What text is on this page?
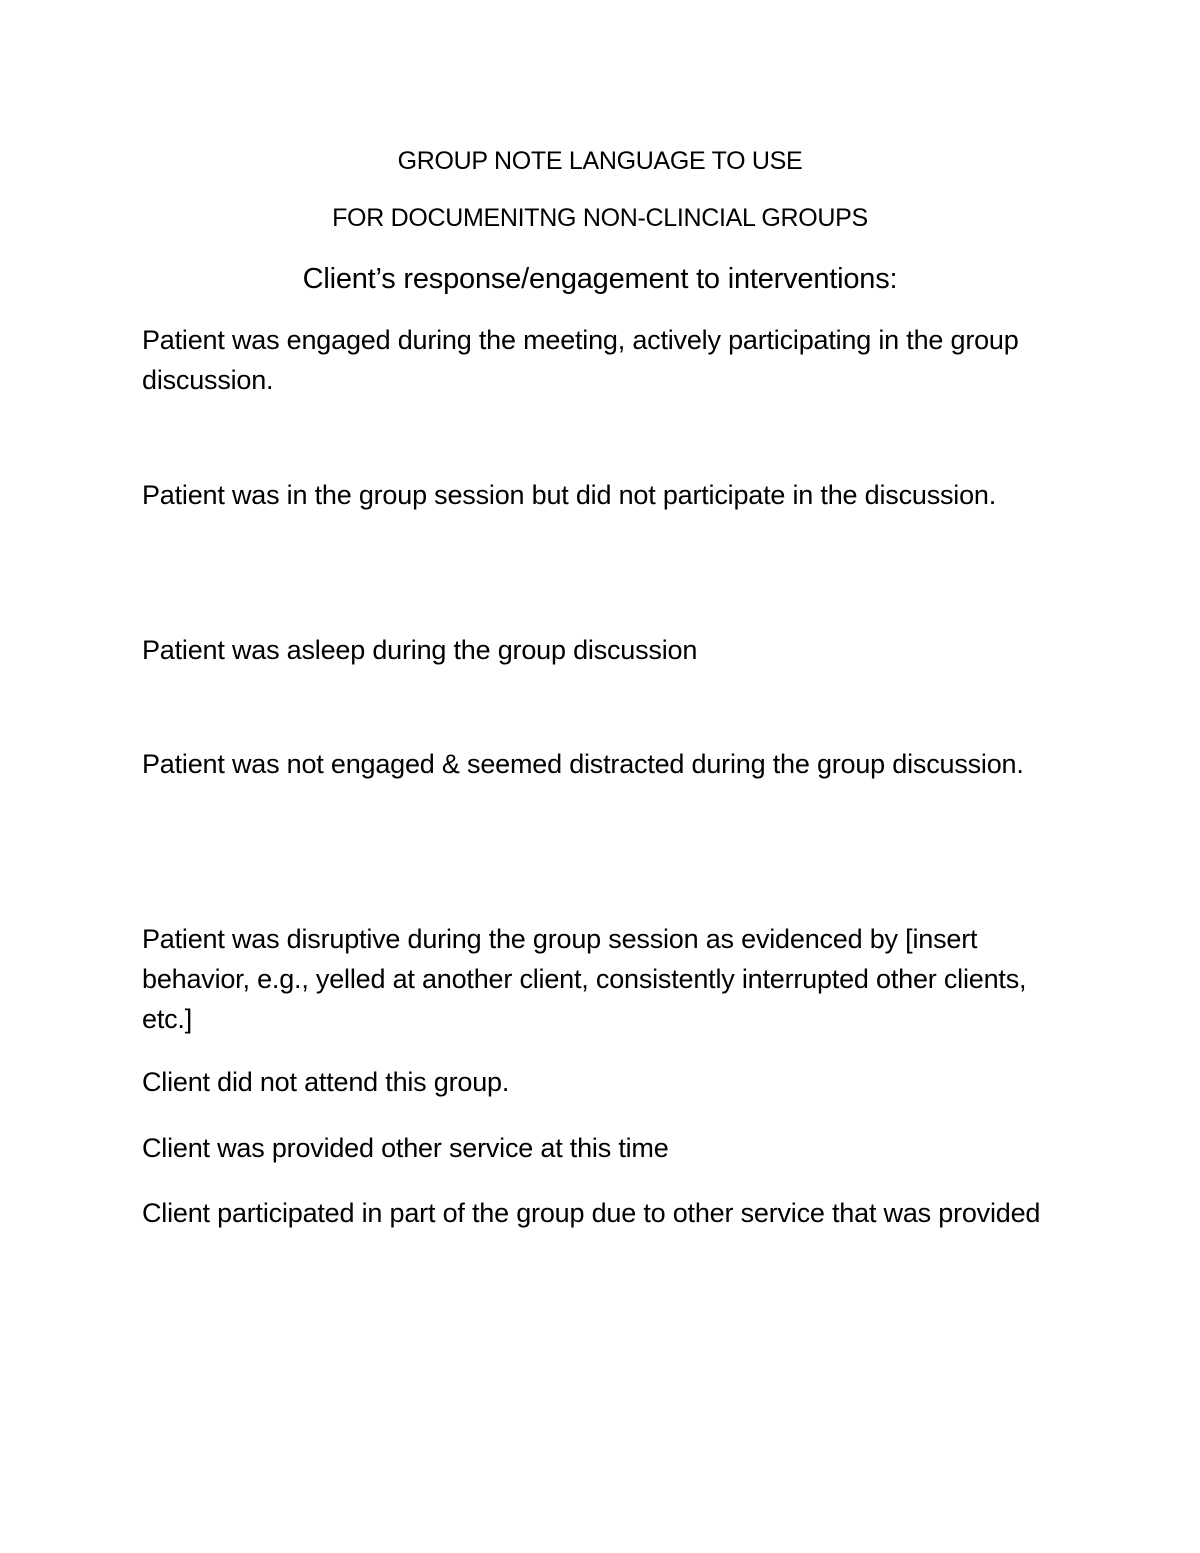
GROUP NOTE LANGUAGE TO USE
FOR DOCUMENITNG NON-CLINCIAL GROUPS
Client’s response/engagement to interventions:

Patient was engaged during the meeting, actively participating in the group discussion.

Patient was in the group session but did not participate in the discussion.

Patient was asleep during the group discussion

Patient was not engaged & seemed distracted during the group discussion.

Patient was disruptive during the group session as evidenced by [insert behavior, e.g., yelled at another client, consistently interrupted other clients, etc.]

Client did not attend this group.

Client was provided other service at this time

Client participated in part of the group due to other service that was provided
